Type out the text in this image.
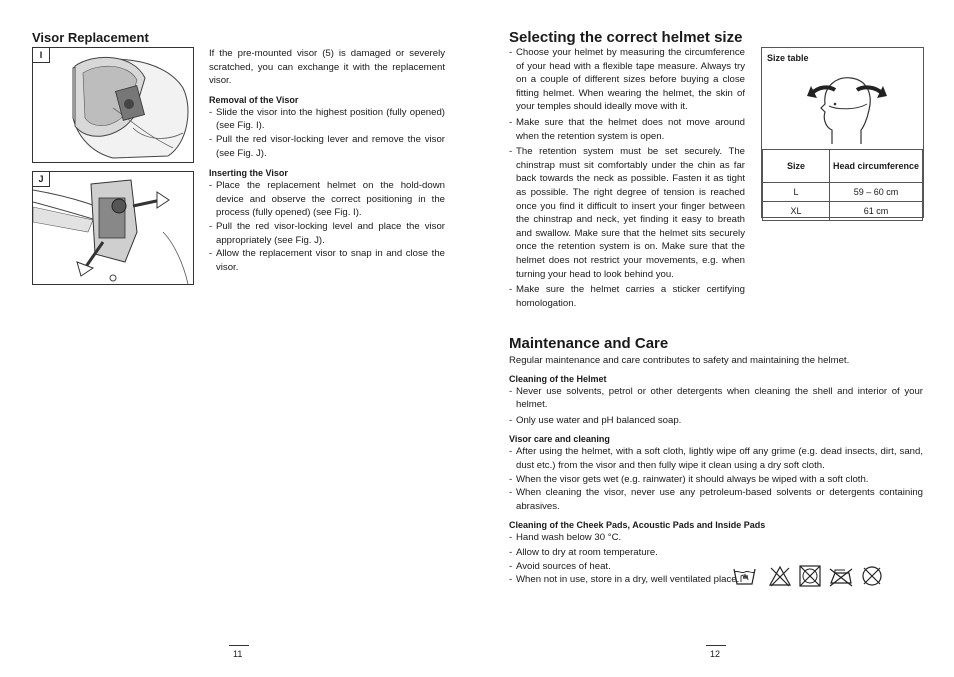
Visor Replacement
I
J

If the pre-mounted visor (5) is damaged or severely scratched, you can exchange it with the replacement visor.

Removal of the Visor
- Slide the visor into the highest position (fully opened) (see Fig. I).
- Pull the red visor-locking lever and remove the visor (see Fig. J).
Inserting the Visor
- Place the replacement helmet on the hold-down device and observe the correct positioning in the process (fully opened) (see Fig. I).
- Pull the red visor-locking level and place the visor appropriately (see Fig. J).
- Allow the replacement visor to snap in and close the visor.
11
Selecting the correct helmet size
- Choose your helmet by measuring the circumference of your head with a flexible tape measure. Always try on a couple of different sizes before buying a close fitting helmet. When wearing the helmet, the skin of your temples should ideally move with it.
- Make sure that the helmet does not move around when the retention system is open.
- The retention system must be set securely. The chinstrap must sit comfortably under the chin as far back towards the neck as possible. Fasten it as tight as possible. The right degree of tension is reached once you find it difficult to insert your finger between the chinstrap and neck, yet finding it easy to breath and swallow. Make sure that the helmet sits securely once the retention system is on. Make sure that the helmet does not restrict your movements, e.g. when turning your head to look behind you.
- Make sure the helmet carries a sticker certifying homologation.
Size table
Size	Head circumference
L	59 – 60 cm
XL	61 cm
Maintenance and Care

Regular maintenance and care contributes to safety and maintaining the helmet.

Cleaning of the Helmet
- Never use solvents, petrol or other detergents when cleaning the shell and interior of your helmet.
- Only use water and pH balanced soap.
Visor care and cleaning
- After using the helmet, with a soft cloth, lightly wipe off any grime (e.g. dead insects, dirt, sand, dust etc.) from the visor and then fully wipe it clean using a dry soft cloth.
- When the visor gets wet (e.g. rainwater) it should always be wiped with a soft cloth.
- When cleaning the visor, never use any petroleum-based solvents or detergents containing abrasives.
Cleaning of the Cheek Pads, Acoustic Pads and Inside Pads
- Hand wash below 30 °C.
- Allow to dry at room temperature.
- Avoid sources of heat.
- When not in use, store in a dry, well ventilated place.
12
